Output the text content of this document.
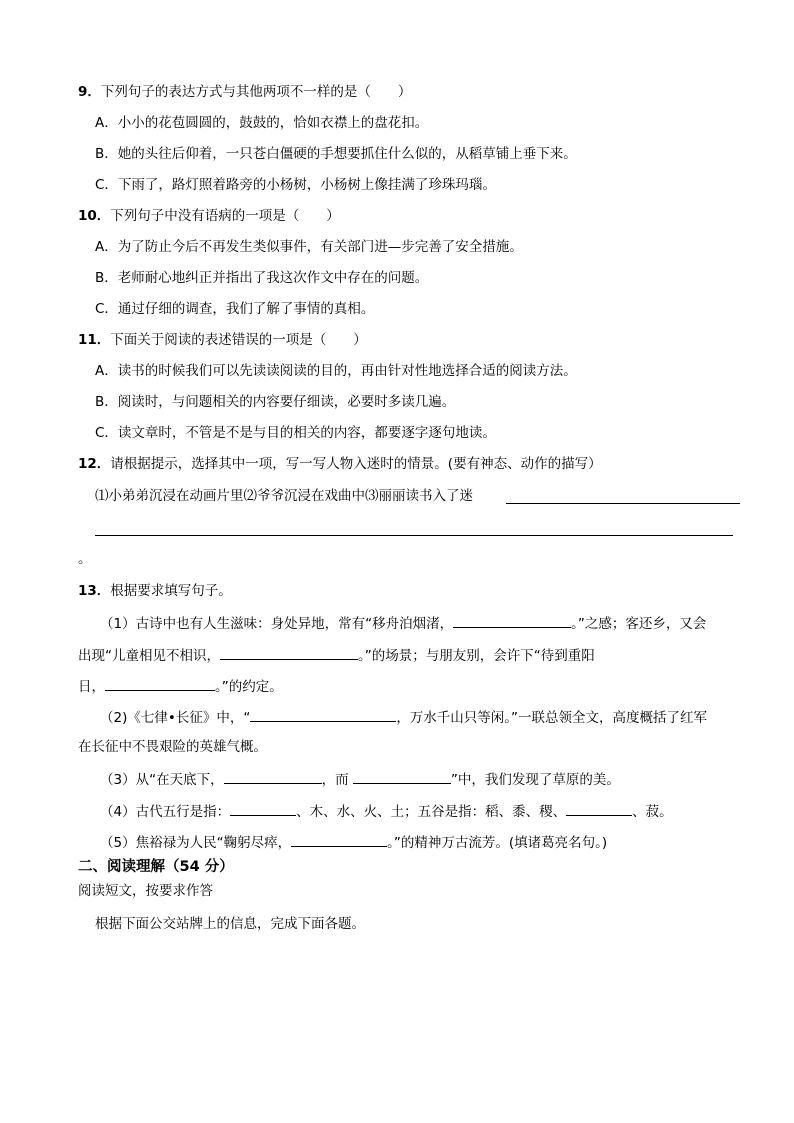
9．下列句子的表达方式与其他两项不一样的是（　　）
A．小小的花苞圆圆的，鼓鼓的，恰如衣襟上的盘花扣。
B．她的头往后仰着，一只苍白僵硬的手想要抓住什么似的，从稻草铺上垂下来。
C．下雨了，路灯照着路旁的小杨树，小杨树上像挂满了珍珠玛瑙。
10．下列句子中没有语病的一项是（　　）
A．为了防止今后不再发生类似事件，有关部门进—步完善了安全措施。
B．老师耐心地纠正并指出了我这次作文中存在的问题。
C．通过仔细的调查，我们了解了事情的真相。
11．下面关于阅读的表述错误的一项是（　　）
A．读书的时候我们可以先读读阅读的目的，再由针对性地选择合适的阅读方法。
B．阅读时，与问题相关的内容要仔细读，必要时多读几遍。
C．读文章时，不管是不是与目的相关的内容，都要逐字逐句地读。
12．请根据提示，选择其中一项，写一写人物入迷时的情景。(要有神态、动作的描写）
⑴小弟弟沉浸在动画片里⑵爷爷沉浸在戏曲中⑶丽丽读书入了迷
。
13．根据要求填写句子。
（1）古诗中也有人生滋味：身处异地，常有“移舟泊烟渚，	。”之感；客还乡，又会
出现“儿童相见不相识，	。”的场景；与朋友别，会许下“待到重阳
日，	。”的约定。
（2)《七律•长征》中，“	，万水千山只等闲。”一联总领全文，高度概括了红军
在长征中不畏艰险的英雄气概。
（3）从“在天底下，	，而	”中，我们发现了草原的美。
（4）古代五行是指：	、木、水、火、土；五谷是指：稻、黍、稷、	、菽。
（5）焦裕禄为人民“鞠躬尽瘁，	。”的精神万古流芳。(填诸葛亮名句。)
二、阅读理解（54 分）
阅读短文，按要求作答
根据下面公交站牌上的信息，完成下面各题。
